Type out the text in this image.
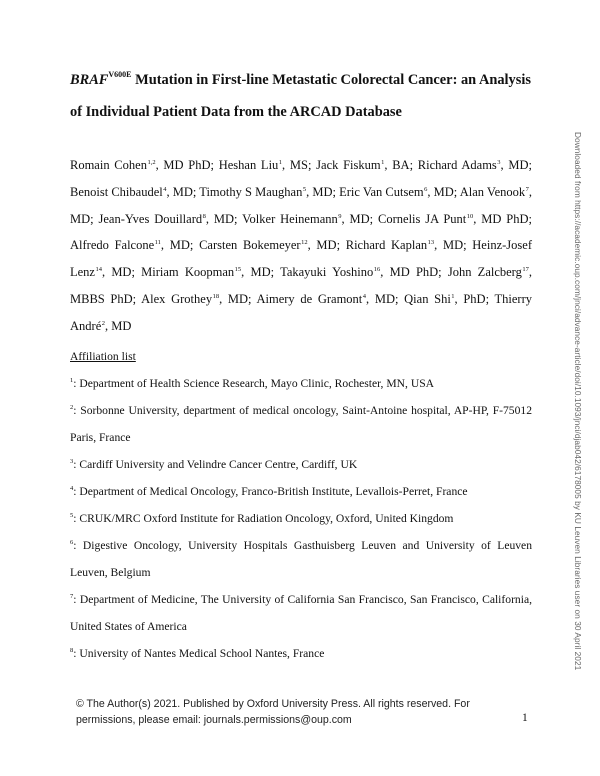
$BRAF^{V600E}$ Mutation in First-line Metastatic Colorectal Cancer: an Analysis of Individual Patient Data from the ARCAD Database
Romain Cohen$^{1,2}$, MD PhD; Heshan Liu$^1$, MS; Jack Fiskum$^1$, BA; Richard Adams$^3$, MD; Benoist Chibaudel$^4$, MD; Timothy S Maughan$^5$, MD; Eric Van Cutsem$^6$, MD; Alan Venook$^7$, MD; Jean-Yves Douillard$^8$, MD; Volker Heinemann$^9$, MD; Cornelis JA Punt$^{10}$, MD PhD; Alfredo Falcone$^{11}$, MD; Carsten Bokemeyer$^{12}$, MD; Richard Kaplan$^{13}$, MD; Heinz-Josef Lenz$^{14}$, MD; Miriam Koopman$^{15}$, MD; Takayuki Yoshino$^{16}$, MD PhD; John Zalcberg$^{17}$, MBBS PhD; Alex Grothey$^{18}$, MD; Aimery de Gramont$^4$, MD; Qian Shi$^1$, PhD; Thierry André$^2$, MD
Affiliation list
$^1$: Department of Health Science Research, Mayo Clinic, Rochester, MN, USA
$^2$: Sorbonne University, department of medical oncology, Saint-Antoine hospital, AP-HP, F-75012 Paris, France
$^3$: Cardiff University and Velindre Cancer Centre, Cardiff, UK
$^4$: Department of Medical Oncology, Franco-British Institute, Levallois-Perret, France
$^5$: CRUK/MRC Oxford Institute for Radiation Oncology, Oxford, United Kingdom
$^6$: Digestive Oncology, University Hospitals Gasthuisberg Leuven and University of Leuven Leuven, Belgium
$^7$: Department of Medicine, The University of California San Francisco, San Francisco, California, United States of America
$^8$: University of Nantes Medical School Nantes, France
© The Author(s) 2021. Published by Oxford University Press. All rights reserved. For
permissions, please email: journals.permissions@oup.com	1
Downloaded from https://academic.oup.com/jnci/advance-article/doi/10.1093/jnci/djab042/6178005 by KU Leuven Libraries user on 30 April 2021
